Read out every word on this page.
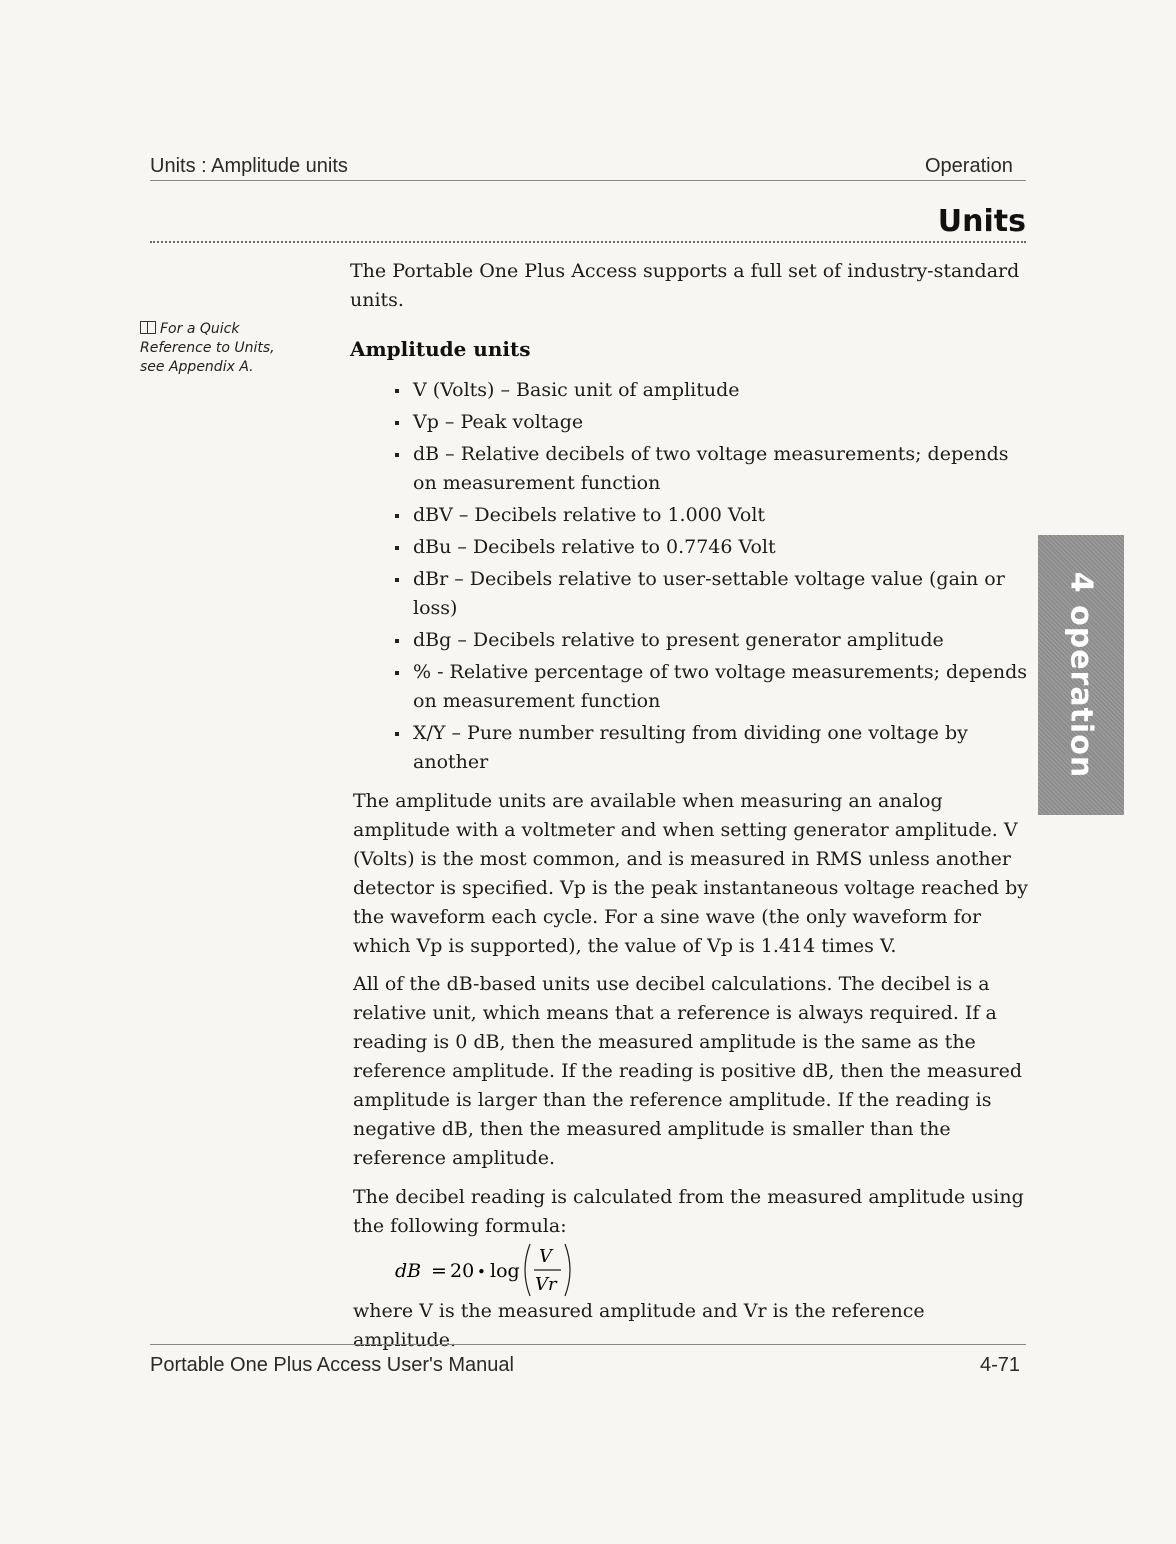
Units : Amplitude units	Operation
Units
For a Quick Reference to Units, see Appendix A.
The Portable One Plus Access supports a full set of industry-standard units.
Amplitude units
V (Volts) – Basic unit of amplitude
Vp – Peak voltage
dB – Relative decibels of two voltage measurements; depends on measurement function
dBV – Decibels relative to 1.000 Volt
dBu – Decibels relative to 0.7746 Volt
dBr – Decibels relative to user-settable voltage value (gain or loss)
dBg – Decibels relative to present generator amplitude
% - Relative percentage of two voltage measurements; depends on measurement function
X/Y – Pure number resulting from dividing one voltage by another
The amplitude units are available when measuring an analog amplitude with a voltmeter and when setting generator amplitude. V (Volts) is the most common, and is measured in RMS unless another detector is specified. Vp is the peak instantaneous voltage reached by the waveform each cycle. For a sine wave (the only waveform for which Vp is supported), the value of Vp is 1.414 times V.
All of the dB-based units use decibel calculations. The decibel is a relative unit, which means that a reference is always required. If a reading is 0 dB, then the measured amplitude is the same as the reference amplitude. If the reading is positive dB, then the measured amplitude is larger than the reference amplitude. If the reading is negative dB, then the measured amplitude is smaller than the reference amplitude.
The decibel reading is calculated from the measured amplitude using the following formula:
dB = 20 • log
V
Vr
where V is the measured amplitude and Vr is the reference amplitude.
Portable One Plus Access User's Manual	4-71
4 operation
